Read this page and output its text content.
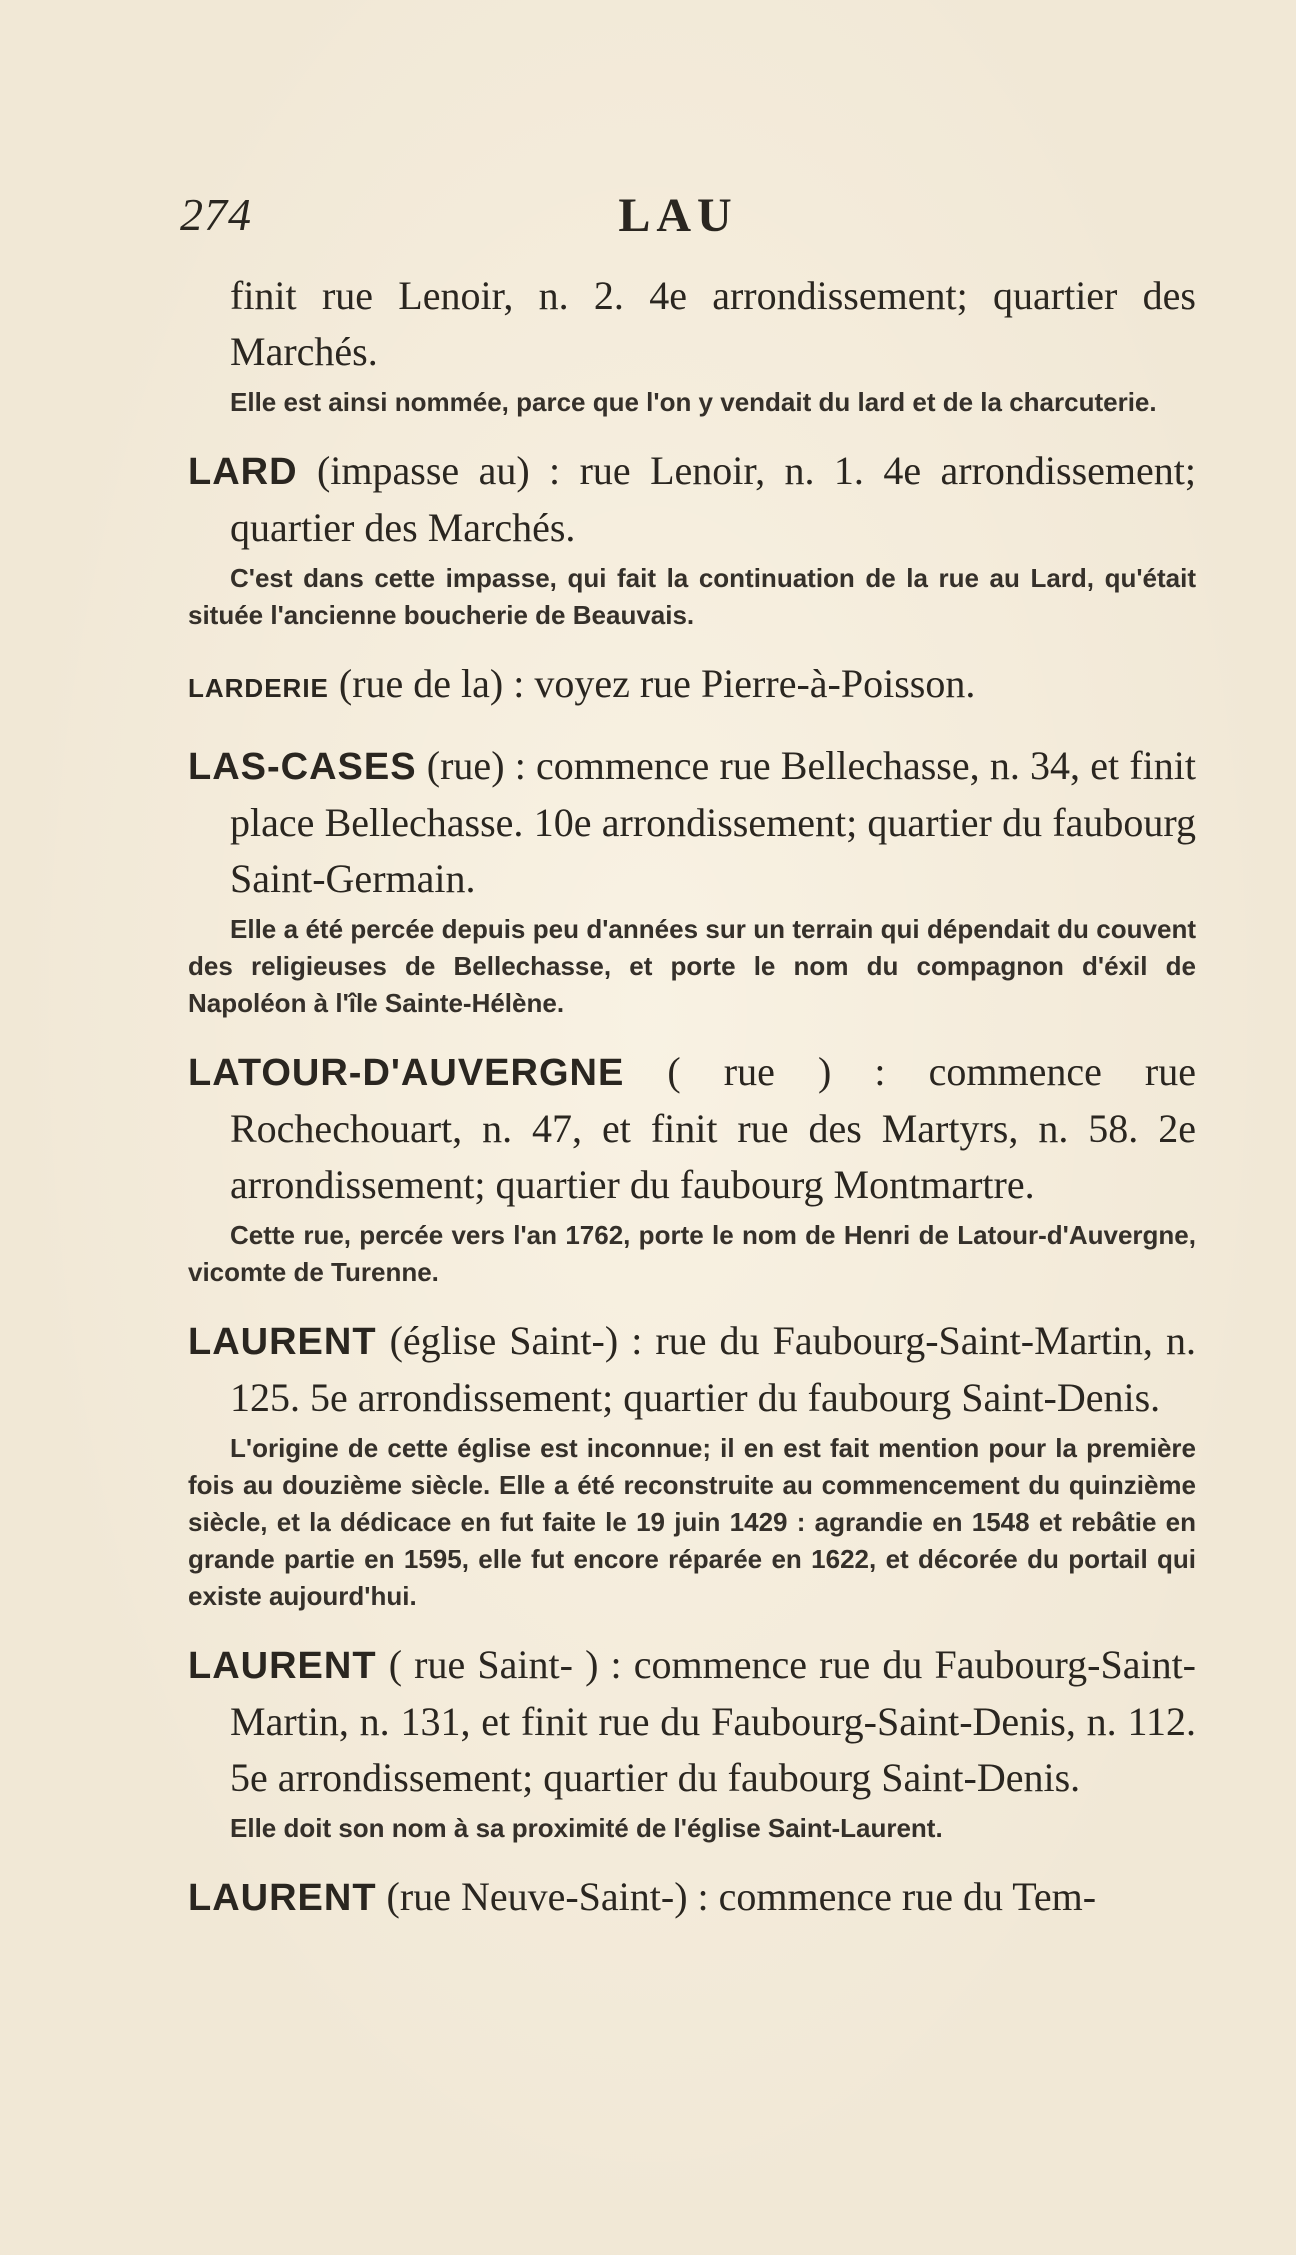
274	LAU
finit rue Lenoir, n. 2. 4e arrondissement; quartier des Marchés.
Elle est ainsi nommée, parce que l'on y vendait du lard et de la charcuterie.
LARD (impasse au) : rue Lenoir, n. 1. 4e arrondissement; quartier des Marchés.
C'est dans cette impasse, qui fait la continuation de la rue au Lard, qu'était située l'ancienne boucherie de Beauvais.
LARDERIE (rue de la) : voyez rue Pierre-à-Poisson.
LAS-CASES (rue) : commence rue Bellechasse, n. 34, et finit place Bellechasse. 10e arrondissement; quartier du faubourg Saint-Germain.
Elle a été percée depuis peu d'années sur un terrain qui dépendait du couvent des religieuses de Bellechasse, et porte le nom du compagnon d'éxil de Napoléon à l'île Sainte-Hélène.
LATOUR-D'AUVERGNE ( rue ) : commence rue Rochechouart, n. 47, et finit rue des Martyrs, n. 58. 2e arrondissement; quartier du faubourg Montmartre.
Cette rue, percée vers l'an 1762, porte le nom de Henri de Latour-d'Auvergne, vicomte de Turenne.
LAURENT (église Saint-) : rue du Faubourg-Saint-Martin, n. 125. 5e arrondissement; quartier du faubourg Saint-Denis.
L'origine de cette église est inconnue; il en est fait mention pour la première fois au douzième siècle. Elle a été reconstruite au commencement du quinzième siècle, et la dédicace en fut faite le 19 juin 1429 : agrandie en 1548 et rebâtie en grande partie en 1595, elle fut encore réparée en 1622, et décorée du portail qui existe aujourd'hui.
LAURENT ( rue Saint- ) : commence rue du Faubourg-Saint-Martin, n. 131, et finit rue du Faubourg-Saint-Denis, n. 112. 5e arrondissement; quartier du faubourg Saint-Denis.
Elle doit son nom à sa proximité de l'église Saint-Laurent.
LAURENT (rue Neuve-Saint-) : commence rue du Tem-
